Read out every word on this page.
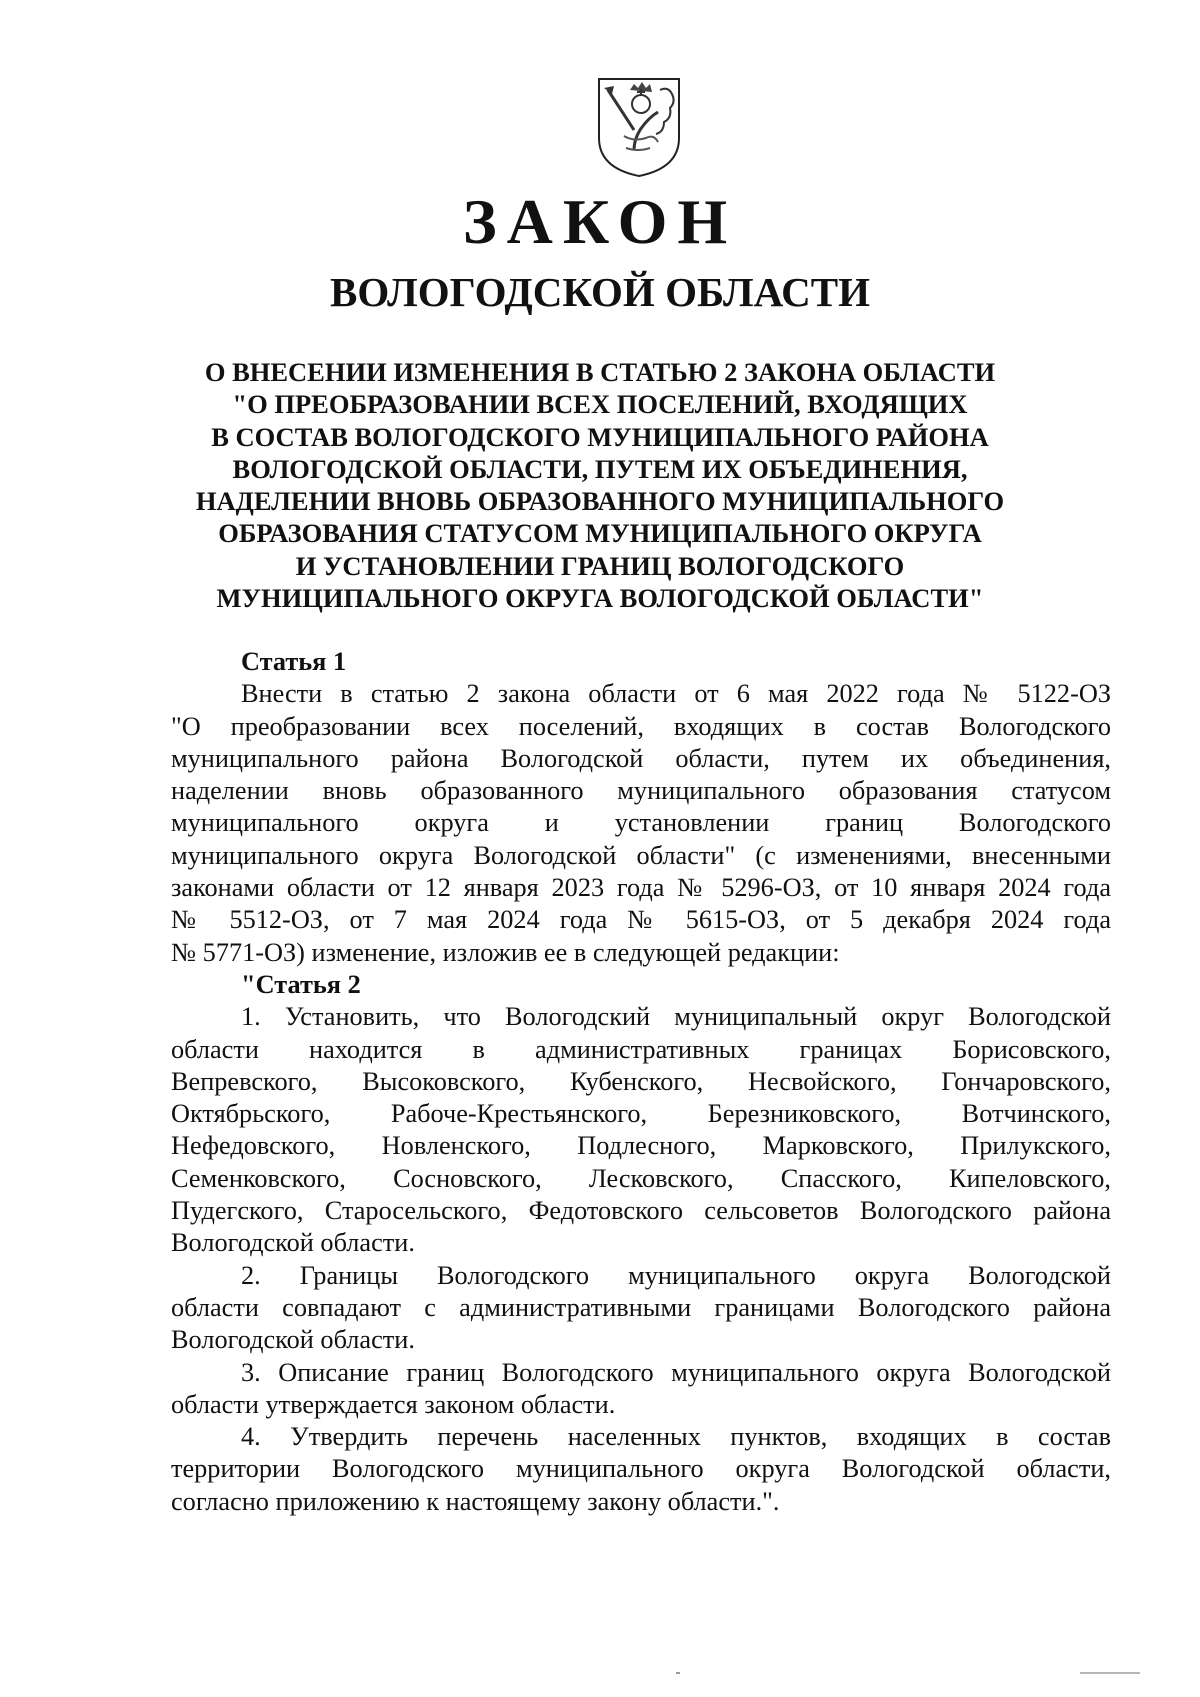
ЗАКОН
ВОЛОГОДСКОЙ ОБЛАСТИ
О ВНЕСЕНИИ ИЗМЕНЕНИЯ В СТАТЬЮ 2 ЗАКОНА ОБЛАСТИ
"О ПРЕОБРАЗОВАНИИ ВСЕХ ПОСЕЛЕНИЙ, ВХОДЯЩИХ
В СОСТАВ ВОЛОГОДСКОГО МУНИЦИПАЛЬНОГО РАЙОНА
ВОЛОГОДСКОЙ ОБЛАСТИ, ПУТЕМ ИХ ОБЪЕДИНЕНИЯ,
НАДЕЛЕНИИ ВНОВЬ ОБРАЗОВАННОГО МУНИЦИПАЛЬНОГО
ОБРАЗОВАНИЯ СТАТУСОМ МУНИЦИПАЛЬНОГО ОКРУГА
И УСТАНОВЛЕНИИ ГРАНИЦ ВОЛОГОДСКОГО
МУНИЦИПАЛЬНОГО ОКРУГА ВОЛОГОДСКОЙ ОБЛАСТИ"
Статья 1
Внести в статью 2 закона области от 6 мая 2022 года № 5122-ОЗ
"О преобразовании всех поселений, входящих в состав Вологодского
муниципального района Вологодской области, путем их объединения,
наделении вновь образованного муниципального образования статусом
муниципального округа и установлении границ Вологодского
муниципального округа Вологодской области" (с изменениями, внесенными
законами области от 12 января 2023 года № 5296-ОЗ, от 10 января 2024 года
№ 5512-ОЗ, от 7 мая 2024 года № 5615-ОЗ, от 5 декабря 2024 года
№ 5771-ОЗ) изменение, изложив ее в следующей редакции:
"Статья 2
1. Установить, что Вологодский муниципальный округ Вологодской
области находится в административных границах Борисовского,
Вепревского, Высоковского, Кубенского, Несвойского, Гончаровского,
Октябрьского, Рабоче-Крестьянского, Березниковского, Вотчинского,
Нефедовского, Новленского, Подлесного, Марковского, Прилукского,
Семенковского, Сосновского, Лесковского, Спасского, Кипеловского,
Пудегского, Старосельского, Федотовского сельсоветов Вологодского района
Вологодской области.
2. Границы Вологодского муниципального округа Вологодской
области совпадают с административными границами Вологодского района
Вологодской области.
3. Описание границ Вологодского муниципального округа Вологодской
области утверждается законом области.
4. Утвердить перечень населенных пунктов, входящих в состав
территории Вологодского муниципального округа Вологодской области,
согласно приложению к настоящему закону области.".
